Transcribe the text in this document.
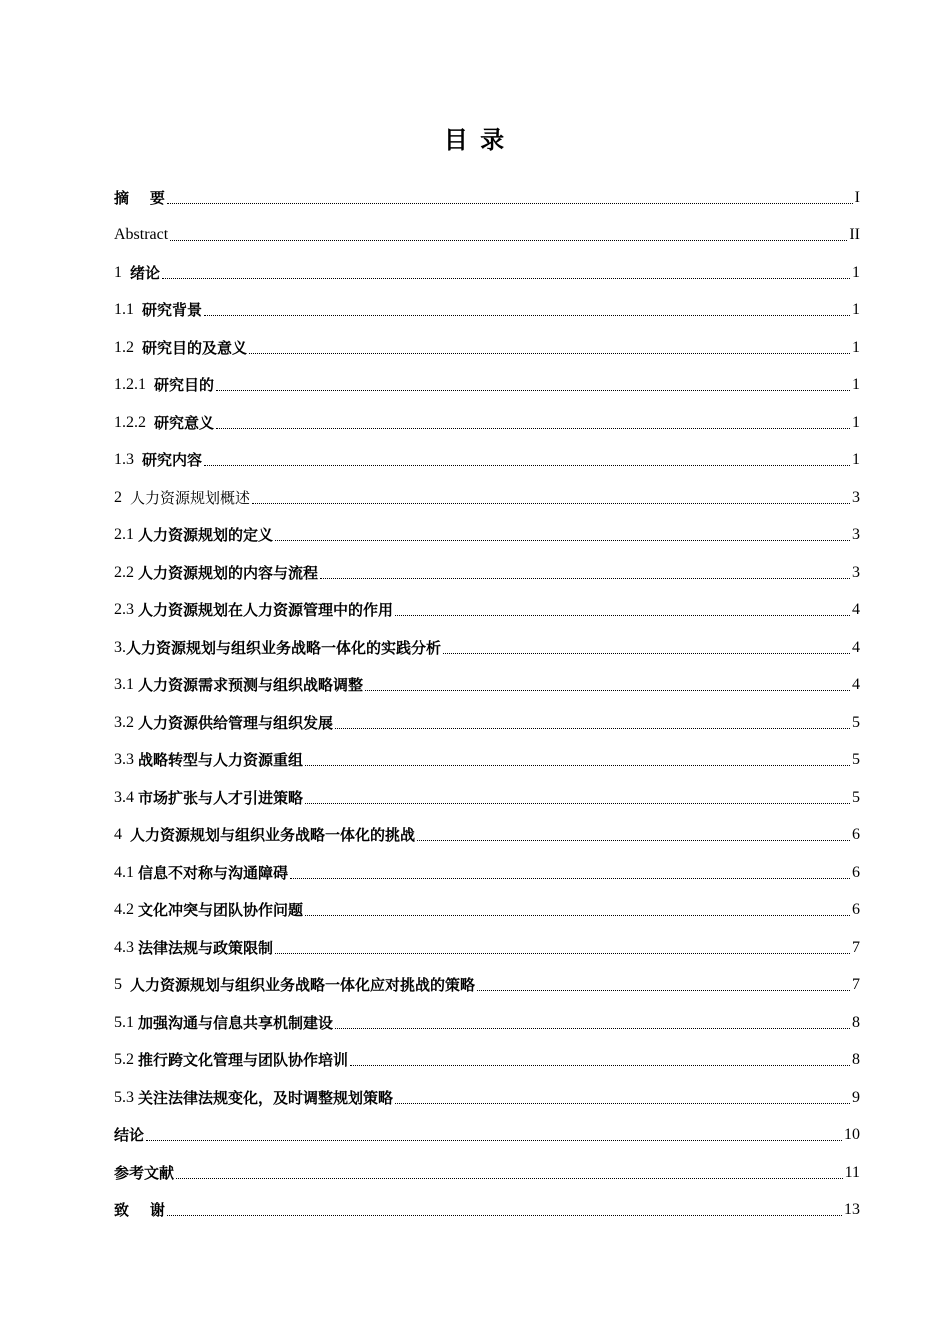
目 录
摘    要	I
Abstract	II
1 绪论	1
1.1 研究背景	1
1.2 研究目的及意义	1
1.2.1 研究目的	1
1.2.2 研究意义	1
1.3 研究内容	1
2 人力资源规划概述	3
2.1 人力资源规划的定义	3
2.2 人力资源规划的内容与流程	3
2.3 人力资源规划在人力资源管理中的作用	4
3. 人力资源规划与组织业务战略一体化的实践分析	4
3.1 人力资源需求预测与组织战略调整	4
3.2 人力资源供给管理与组织发展	5
3.3 战略转型与人力资源重组	5
3.4 市场扩张与人才引进策略	5
4 人力资源规划与组织业务战略一体化的挑战	6
4.1 信息不对称与沟通障碍	6
4.2 文化冲突与团队协作问题	6
4.3 法律法规与政策限制	7
5 人力资源规划与组织业务战略一体化应对挑战的策略	7
5.1 加强沟通与信息共享机制建设	8
5.2 推行跨文化管理与团队协作培训	8
5.3 关注法律法规变化，及时调整规划策略	9
结论	10
参考文献	11
致    谢	13
